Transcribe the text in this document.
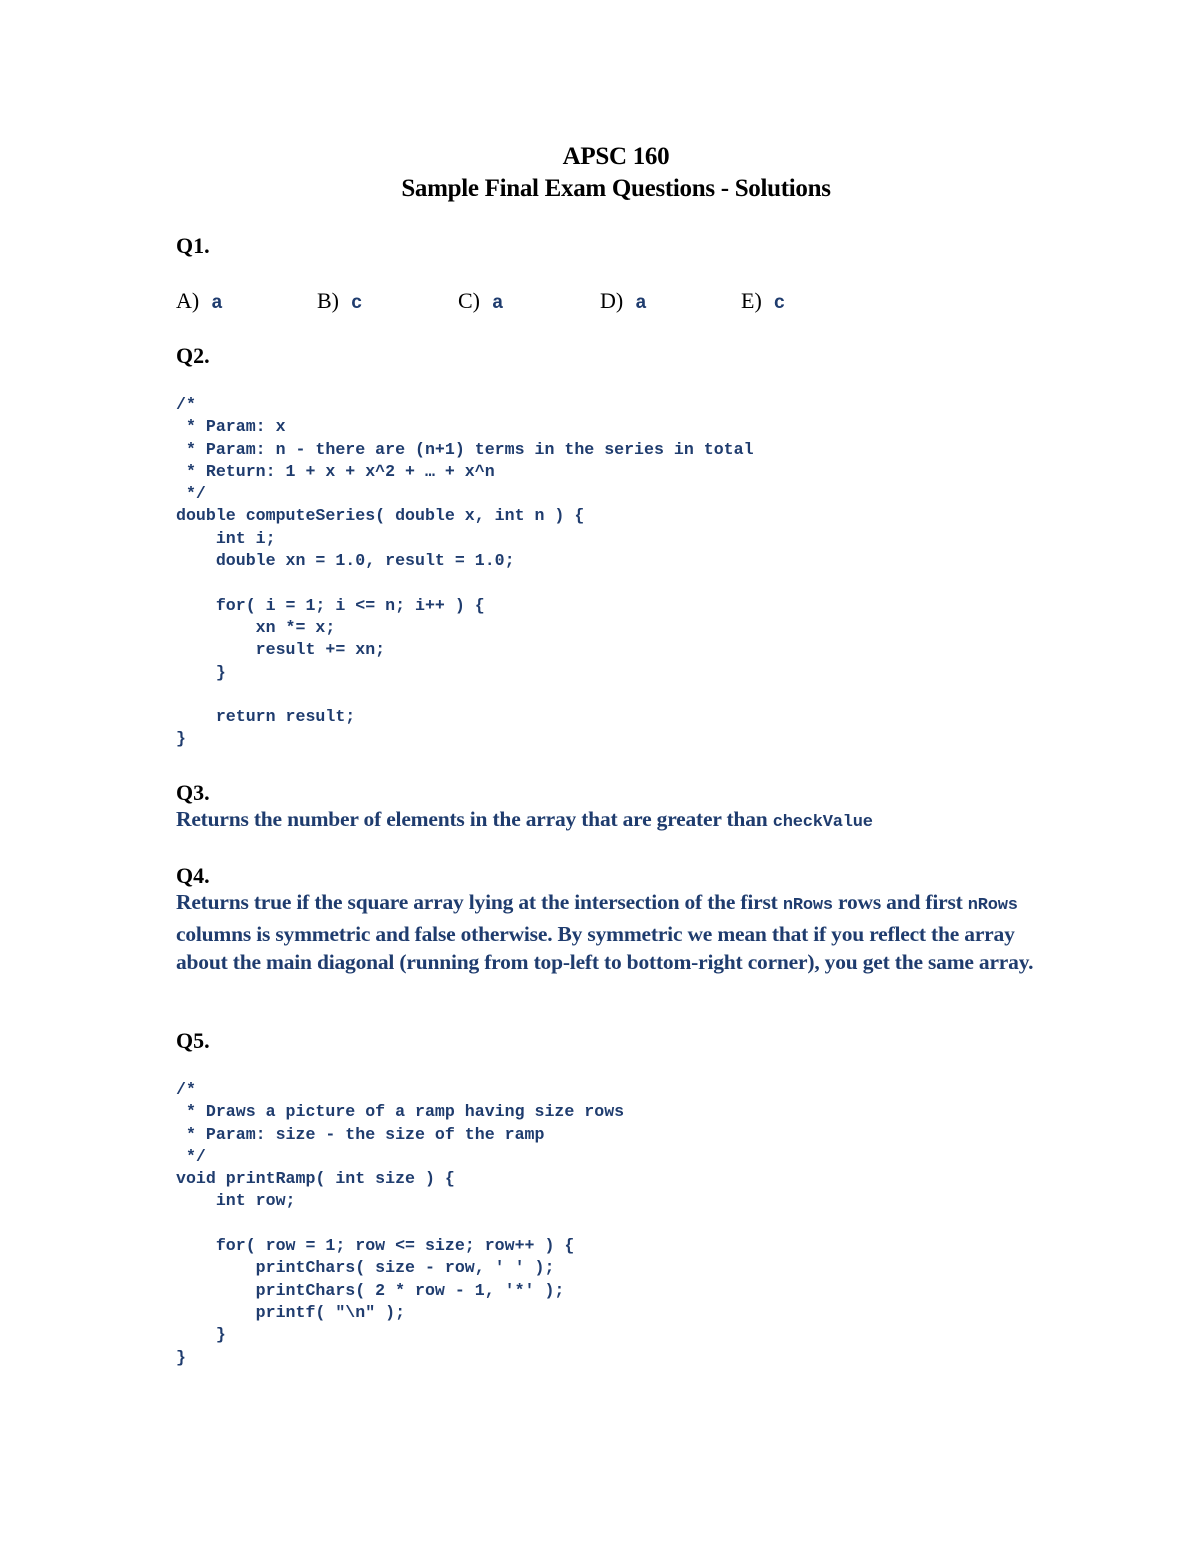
APSC 160
Sample Final Exam Questions - Solutions
Q1.
A) a	B) c	C) a	D) a	E) c
Q2.
/*
* Param: x
* Param: n - there are (n+1) terms in the series in total
* Return: 1 + x + x^2 + … + x^n
*/
double computeSeries( double x, int n ) {
int i;
double xn = 1.0, result = 1.0;

for( i = 1; i <= n; i++ ) {
xn *= x;
result += xn;
}

return result;
}
Q3.
Returns the number of elements in the array that are greater than checkValue
Q4.
Returns true if the square array lying at the intersection of the first nRows rows and first nRows columns is symmetric and false otherwise. By symmetric we mean that if you reflect the array about the main diagonal (running from top-left to bottom-right corner), you get the same array.
Q5.
/*
* Draws a picture of a ramp having size rows
* Param: size - the size of the ramp
*/
void printRamp( int size ) {
int row;

for( row = 1; row <= size; row++ ) {
printChars( size - row, ' ' );
printChars( 2 * row - 1, '*' );
printf( "\n" );
}
}
